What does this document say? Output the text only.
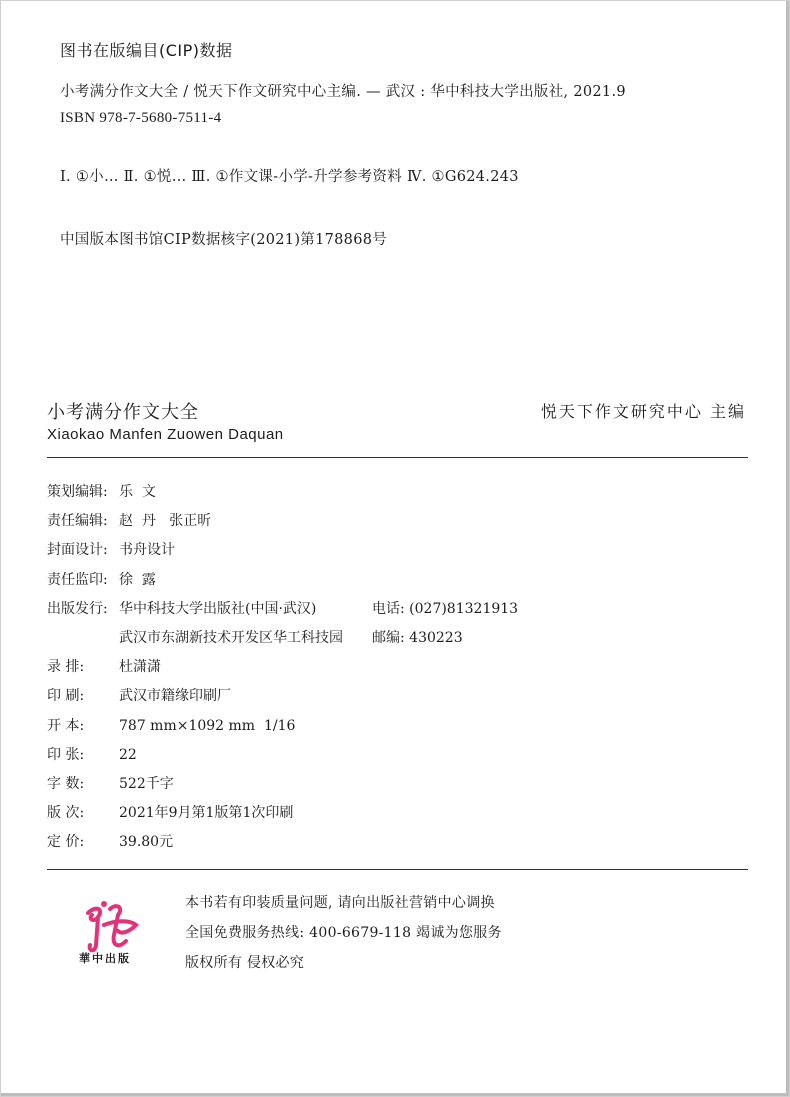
图书在版编目(CIP)数据
小考满分作文大全 / 悦天下作文研究中心主编. — 武汉 : 华中科技大学出版社, 2021.9
ISBN 978-7-5680-7511-4
Ⅰ. ①小… Ⅱ. ①悦… Ⅲ. ①作文课-小学-升学参考资料 Ⅳ. ①G624.243
中国版本图书馆CIP数据核字(2021)第178868号
小考满分作文大全
Xiaokao Manfen Zuowen Daquan
悦天下作文研究中心 主编
策划编辑: 乐  文
责任编辑: 赵  丹   张正昕
封面设计: 书舟设计
责任监印: 徐  露
出版发行: 华中科技大学出版社(中国·武汉)	电话: (027)81321913
武汉市东湖新技术开发区华工科技园 邮编: 430223
录 排:	杜潇潇
印 刷:	武汉市籍缘印刷厂
开 本:	787 mm×1092 mm  1/16
印 张:	22
字 数:	522千字
版 次:	2021年9月第1版第1次印刷
定 价:	39.80元
華中出版
本书若有印装质量问题, 请向出版社营销中心调换
全国免费服务热线: 400-6679-118 竭诚为您服务
版权所有 侵权必究
